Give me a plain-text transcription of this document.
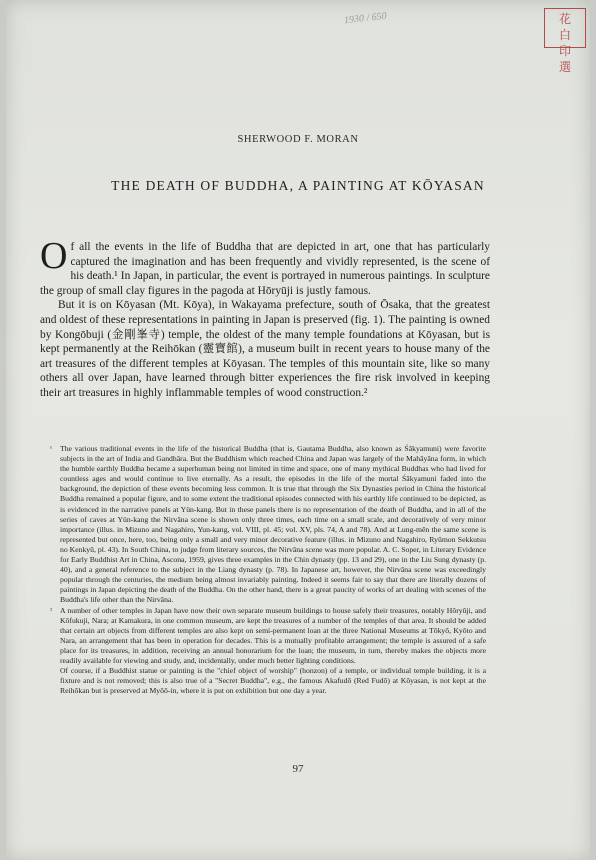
1930 / 650	花
白
印
選
SHERWOOD F. MORAN
THE DEATH OF BUDDHA, A PAINTING AT KŌYASAN

Of all the events in the life of Buddha that are depicted in art, one that has particularly captured the imagination and has been frequently and vividly represented, is the scene of his death.¹ In Japan, in particular, the event is portrayed in numerous paintings. In sculpture the group of small clay figures in the pagoda at Hōryūji is justly famous.

But it is on Kōyasan (Mt. Kōya), in Wakayama prefecture, south of Ōsaka, that the greatest and oldest of these representations in painting in Japan is preserved (fig. 1). The painting is owned by Kongōbuji (金剛峯寺) temple, the oldest of the many temple foundations at Kōyasan, but is kept permanently at the Reihōkan (靈寶館), a museum built in recent years to house many of the art treasures of the different temples at Kōyasan. The temples of this mountain site, like so many others all over Japan, have learned through bitter experiences the fire risk involved in keeping their art treasures in highly inflammable temples of wood construction.²

¹ The various traditional events in the life of the historical Buddha (that is, Gautama Buddha, also known as Śākyamuni) were favorite subjects in the art of India and Gandhāra. But the Buddhism which reached China and Japan was largely of the Mahāyāna form, in which the humble earthly Buddha became a superhuman being not limited in time and space, one of many mythical Buddhas who had lived for countless ages and would continue to live eternally. As a result, the episodes in the life of the mortal Śākyamuni faded into the background, the depiction of these events becoming less common. It is true that through the Six Dynasties period in China the historical Buddha remained a popular figure, and to some extent the traditional episodes connected with his earthly life continued to be depicted, as is evidenced in the narrative panels at Yün-kang. But in these panels there is no representation of the death of Buddha, and in all of the series of caves at Yün-kang the Nirvāna scene is shown only three times, each time on a small scale, and decoratively of very minor importance (illus. in Mizuno and Nagahiro, Yun-kang, vol. VIII, pl. 45; vol. XV, pls. 74, A and 78). And at Lung-mên the same scene is represented but once, here, too, being only a small and very minor decorative feature (illus. in Mizuno and Nagahiro, Ryūmon Sekkutsu no Kenkyū, pl. 43). In South China, to judge from literary sources, the Nirvāna scene was more popular. A. C. Soper, in Literary Evidence for Early Buddhist Art in China, Ascona, 1959, gives three examples in the Chin dynasty (pp. 13 and 29), one in the Liu Sung dynasty (p. 40), and a general reference to the subject in the Liang dynasty (p. 78). In Japanese art, however, the Nirvāna scene was exceedingly popular through the centuries, the medium being almost invariably painting. Indeed it seems fair to say that there are literally dozens of paintings in Japan depicting the death of the Buddha. On the other hand, there is a great paucity of works of art dealing with scenes of the Buddha's life other than the Nirvāna.

² A number of other temples in Japan have now their own separate museum buildings to house safely their treasures, notably Hōryūji, and Kōfukuji, Nara; at Kamakura, in one common museum, are kept the treasures of a number of the temples of that area. It should be added that certain art objects from different temples are also kept on semi-permanent loan at the three National Museums at Tōkyō, Kyōto and Nara, an arrangement that has been in operation for decades. This is a mutually profitable arrangement; the temple is assured of a safe place for its treasures, in addition, receiving an annual honorarium for the loan; the museum, in turn, thereby makes the objects more readily available for viewing and study, and, incidentally, under much better lighting conditions.

Of course, if a Buddhist statue or painting is the "chief object of worship" (honzon) of a temple, or individual temple building, it is a fixture and is not removed; this is also true of a "Secret Buddha", e.g., the famous Akafudō (Red Fudō) at Kōyasan, is not kept at the Reihōkan but is preserved at Myōō-in, where it is put on exhibition but one day a year.

97
